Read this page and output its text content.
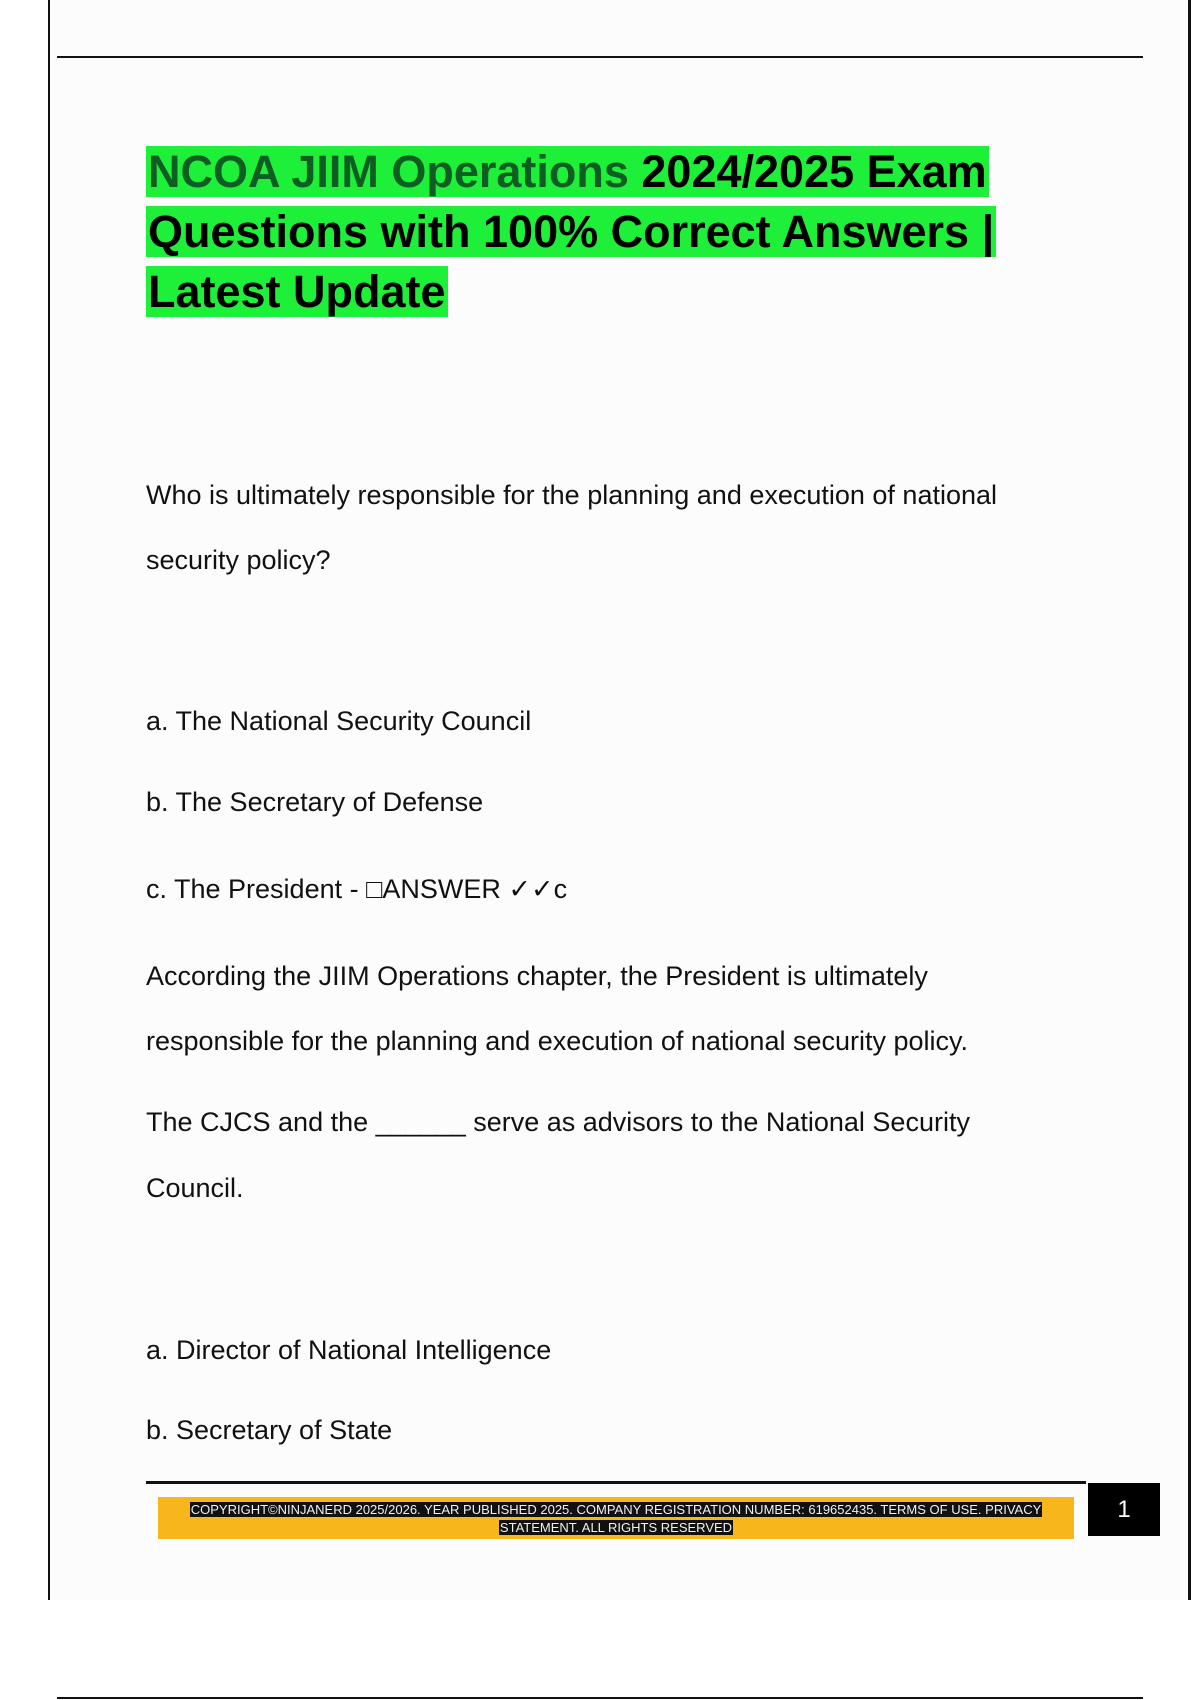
NCOA JIIM Operations 2024/2025 Exam Questions with 100% Correct Answers | Latest Update

Who is ultimately responsible for the planning and execution of national

security policy?

a. The National Security Council

b. The Secretary of Defense

c. The President - □ANSWER ✓✓c

According the JIIM Operations chapter, the President is ultimately

responsible for the planning and execution of national security policy.

The CJCS and the ______ serve as advisors to the National Security

Council.

a. Director of National Intelligence

b. Secretary of State

COPYRIGHT©NINJANERD 2025/2026. YEAR PUBLISHED 2025. COMPANY REGISTRATION NUMBER: 619652435. TERMS OF USE. PRIVACY STATEMENT. ALL RIGHTS RESERVED

1
